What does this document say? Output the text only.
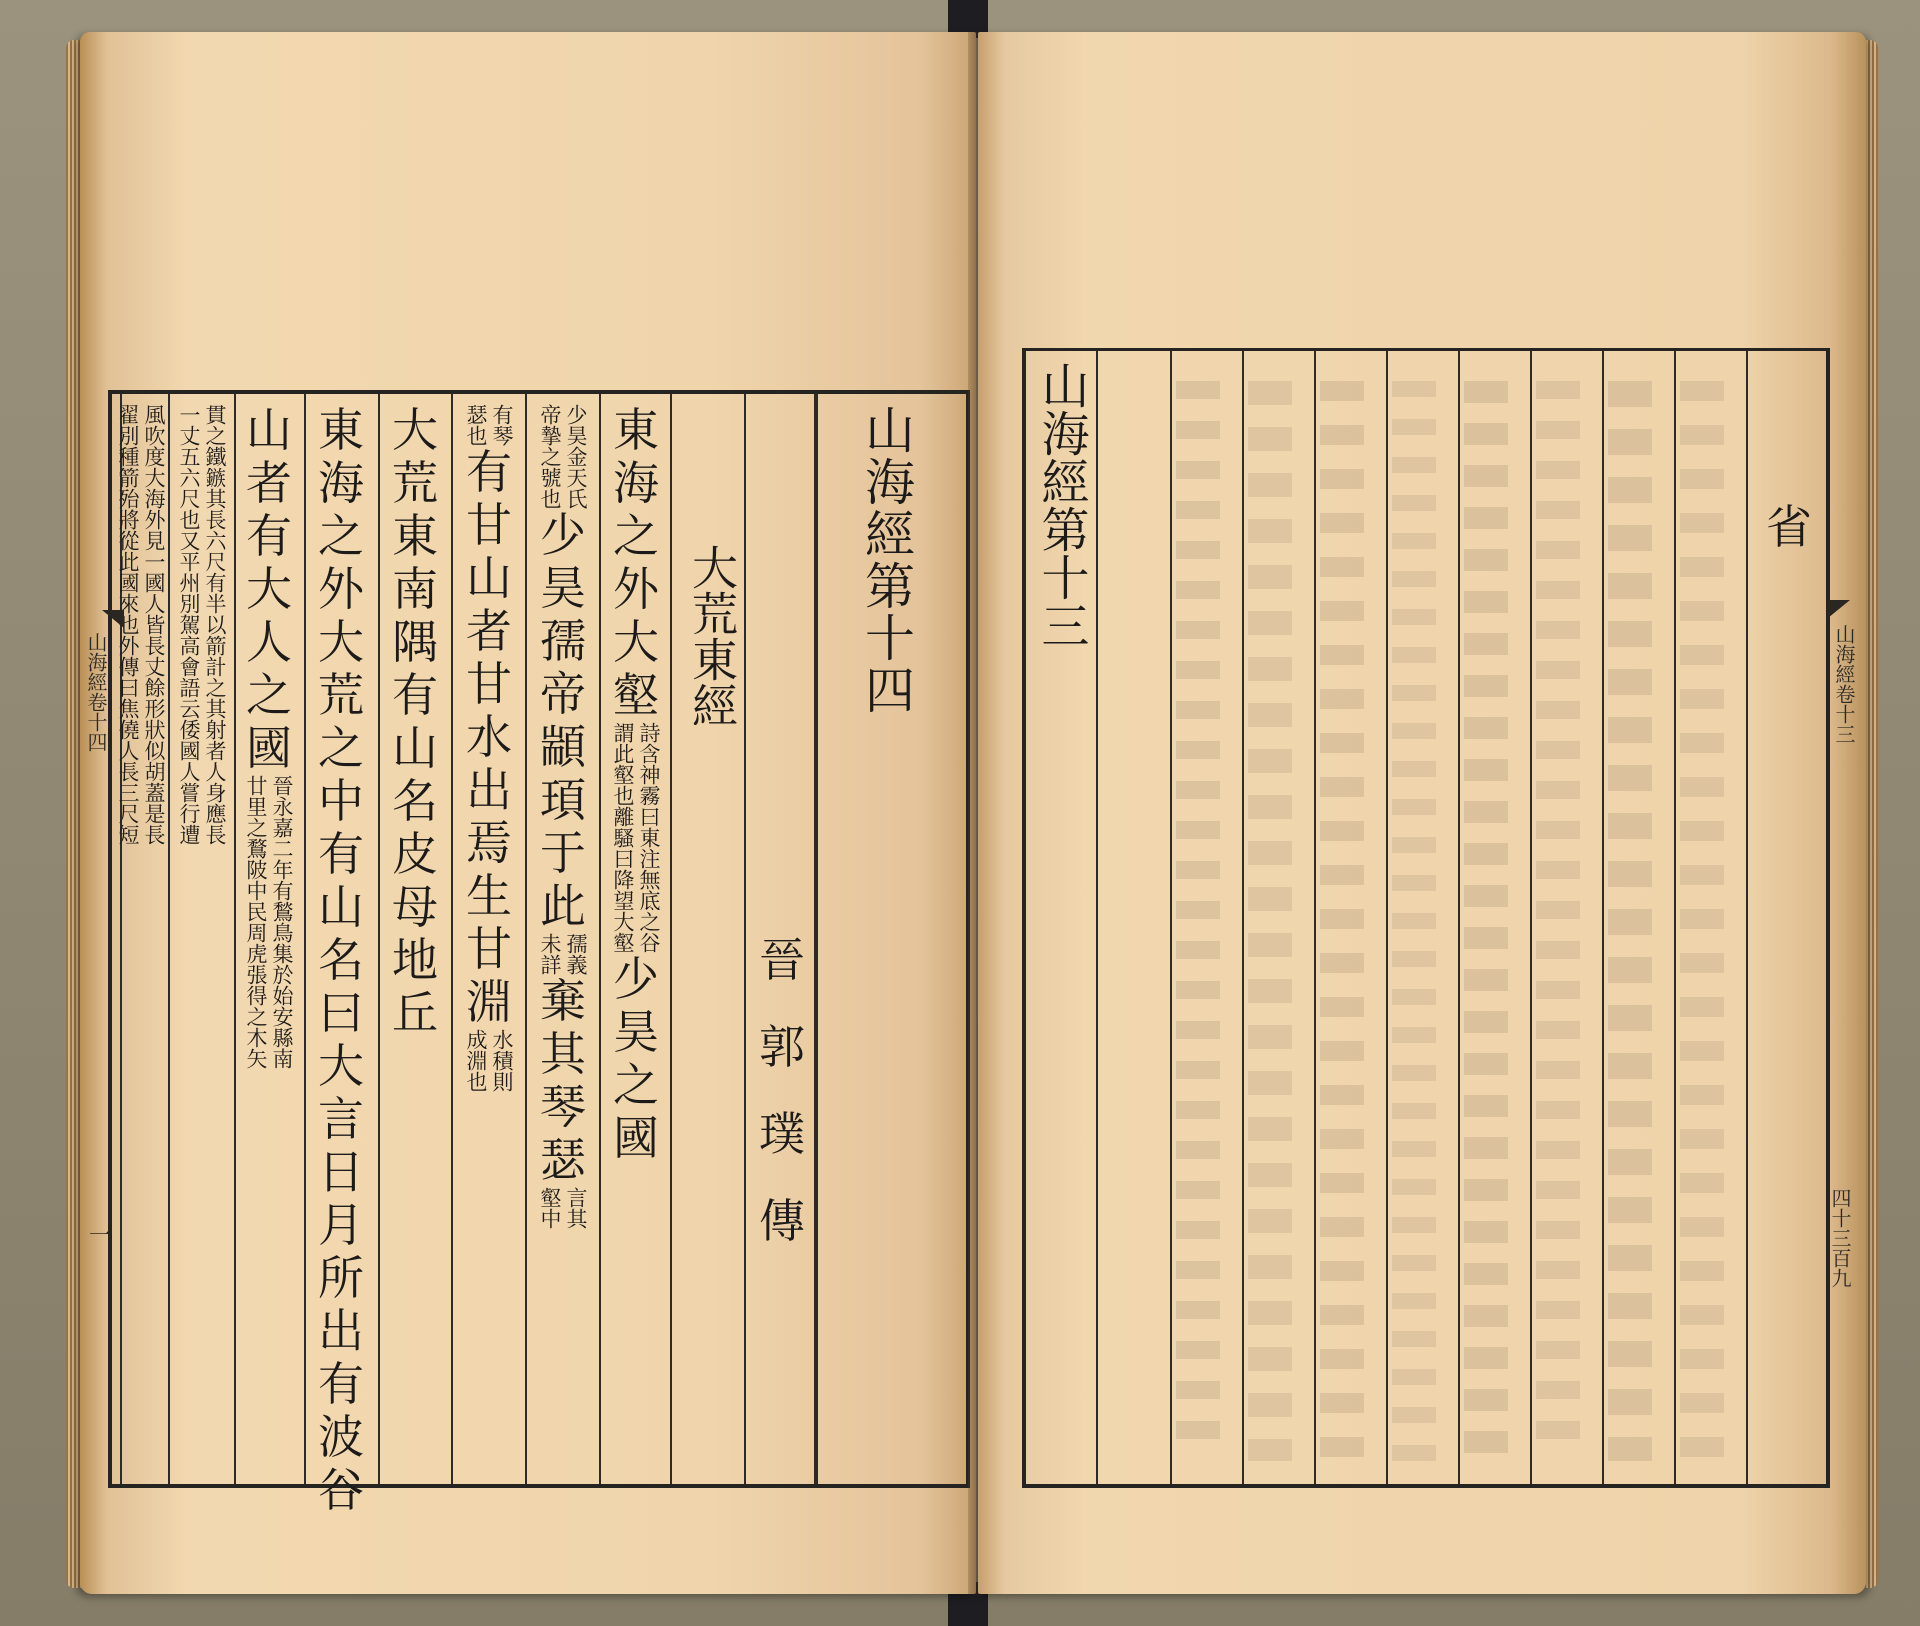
山海經第十四
晉
郭
璞
傳
大荒東經
東
海
之
外
大
壑
詩含神霧曰東注無底之谷
謂此壑也離騷曰降望大壑
少
昊
之
國
少昊金天氏
帝摯之號也
少
昊
孺
帝
顓
頊
于
此
孺義
未詳
棄
其
琴
瑟
言其
壑中
有琴
瑟也
有
甘
山
者
甘
水
出
焉
生
甘
淵
水積則
成淵也
大
荒
東
南
隅
有
山
名
皮
母
地
丘
東
海
之
外
大
荒
之
中
有
山
名
曰
大
言
日
月
所
出
有
波
谷
山
者
有
大
人
之
國
晉永嘉二年有鶖鳥集於始安縣南
廿里之鶩陂中民周虎張得之木矢
貫之鐵鏃其長六尺有半以箭計之其射者人身應長
一丈五六尺也又平州別駕高會語云倭國人嘗行遭
風吹度大海外見一國人皆長丈餘形狀似胡蓋是長
翟別種箭殆將從此國來也外傳曰焦僥人長三尺短
山海經卷十四
一
山海經第十三	省
山海經卷十三
四十三百九
